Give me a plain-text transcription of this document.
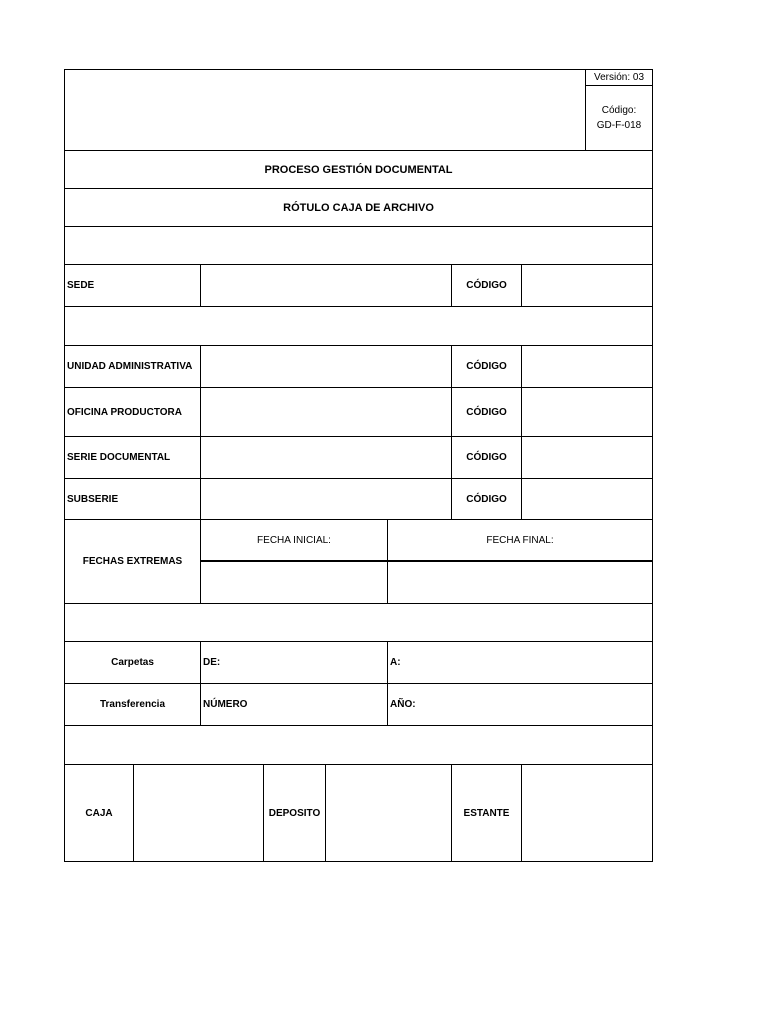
Versión: 03
Código:
GD-F-018
PROCESO GESTIÓN DOCUMENTAL
RÓTULO CAJA DE ARCHIVO
SEDE	CÓDIGO
UNIDAD ADMINISTRATIVA	CÓDIGO
OFICINA PRODUCTORA	CÓDIGO
SERIE DOCUMENTAL	CÓDIGO
SUBSERIE	CÓDIGO
FECHAS EXTREMAS
FECHA INICIAL:	FECHA FINAL:
Carpetas	DE:	A:
Transferencia	NÚMERO	AÑO:
CAJA	DEPOSITO	ESTANTE
